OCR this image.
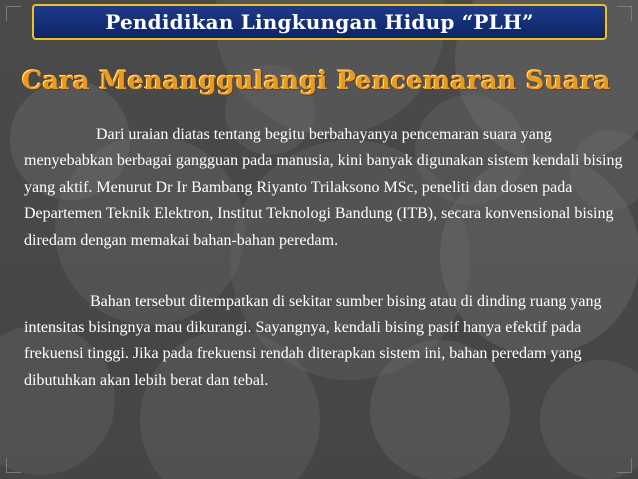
Pendidikan Lingkungan Hidup “PLH”
Cara Menanggulangi Pencemaran Suara

Dari uraian diatas tentang begitu berbahayanya pencemaran suara yang menyebabkan berbagai gangguan pada manusia, kini banyak digunakan sistem kendali bising yang aktif. Menurut Dr Ir Bambang Riyanto Trilaksono MSc, peneliti dan dosen pada Departemen Teknik Elektron, Institut Teknologi Bandung (ITB), secara konvensional bising diredam dengan memakai bahan-bahan peredam.

Bahan tersebut ditempatkan di sekitar sumber bising atau di dinding ruang yang intensitas bisingnya mau dikurangi. Sayangnya, kendali bising pasif hanya efektif pada frekuensi tinggi. Jika pada frekuensi rendah diterapkan sistem ini, bahan peredam yang dibutuhkan akan lebih berat dan tebal.
